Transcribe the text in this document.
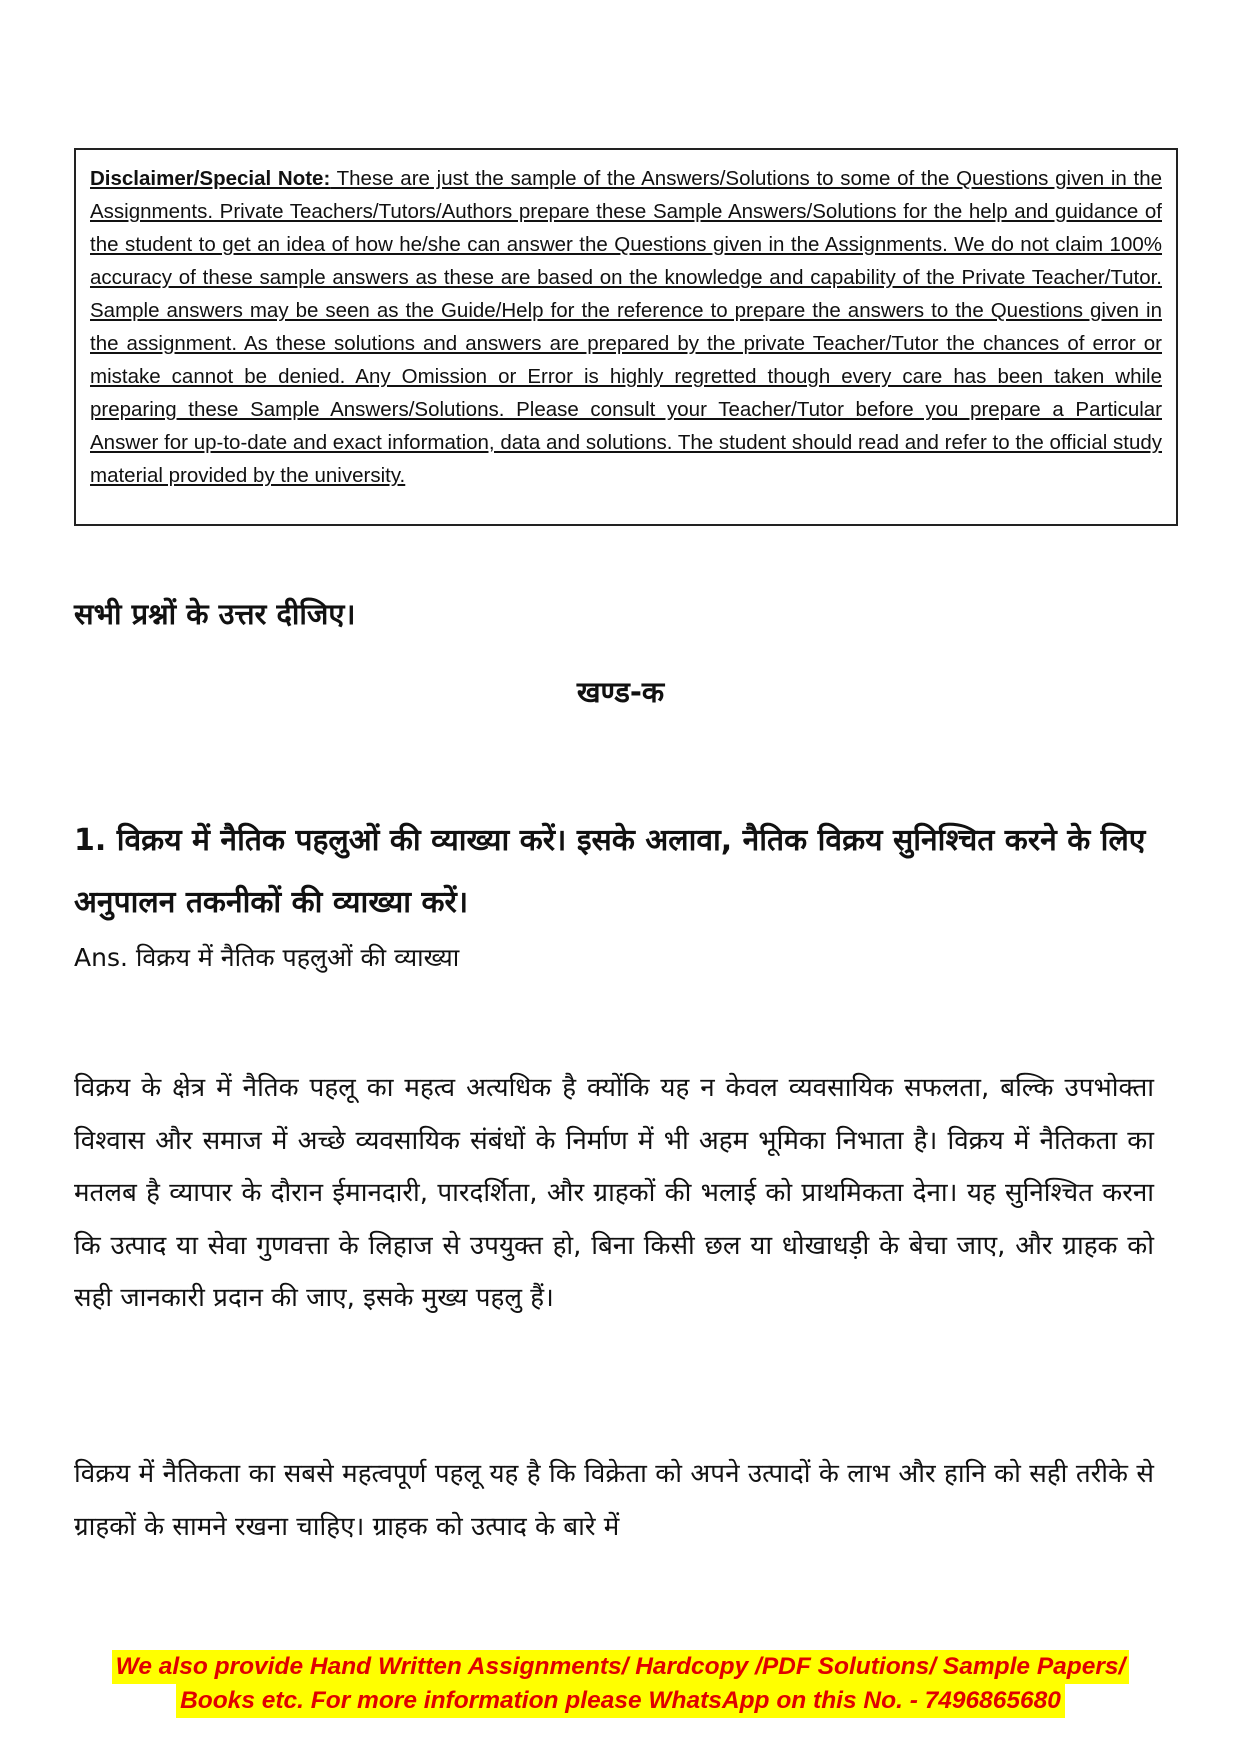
Disclaimer/Special Note: These are just the sample of the Answers/Solutions to some of the Questions given in the Assignments. Private Teachers/Tutors/Authors prepare these Sample Answers/Solutions for the help and guidance of the student to get an idea of how he/she can answer the Questions given in the Assignments. We do not claim 100% accuracy of these sample answers as these are based on the knowledge and capability of the Private Teacher/Tutor. Sample answers may be seen as the Guide/Help for the reference to prepare the answers to the Questions given in the assignment. As these solutions and answers are prepared by the private Teacher/Tutor the chances of error or mistake cannot be denied. Any Omission or Error is highly regretted though every care has been taken while preparing these Sample Answers/Solutions. Please consult your Teacher/Tutor before you prepare a Particular Answer for up-to-date and exact information, data and solutions. The student should read and refer to the official study material provided by the university.

सभी प्रश्नों के उत्तर दीजिए।

खण्ड-क

1. विक्रय में नैतिक पहलुओं की व्याख्या करें। इसके अलावा, नैतिक विक्रय सुनिश्चित करने के लिए अनुपालन तकनीकों की व्याख्या करें।

Ans. विक्रय में नैतिक पहलुओं की व्याख्या

विक्रय के क्षेत्र में नैतिक पहलू का महत्व अत्यधिक है क्योंकि यह न केवल व्यवसायिक सफलता, बल्कि उपभोक्ता विश्वास और समाज में अच्छे व्यवसायिक संबंधों के निर्माण में भी अहम भूमिका निभाता है। विक्रय में नैतिकता का मतलब है व्यापार के दौरान ईमानदारी, पारदर्शिता, और ग्राहकों की भलाई को प्राथमिकता देना। यह सुनिश्चित करना कि उत्पाद या सेवा गुणवत्ता के लिहाज से उपयुक्त हो, बिना किसी छल या धोखाधड़ी के बेचा जाए, और ग्राहक को सही जानकारी प्रदान की जाए, इसके मुख्य पहलु हैं।

विक्रय में नैतिकता का सबसे महत्वपूर्ण पहलू यह है कि विक्रेता को अपने उत्पादों के लाभ और हानि को सही तरीके से ग्राहकों के सामने रखना चाहिए। ग्राहक को उत्पाद के बारे में

We also provide Hand Written Assignments/ Hardcopy /PDF Solutions/ Sample Papers/
Books etc. For more information please WhatsApp on this No. - 7496865680
